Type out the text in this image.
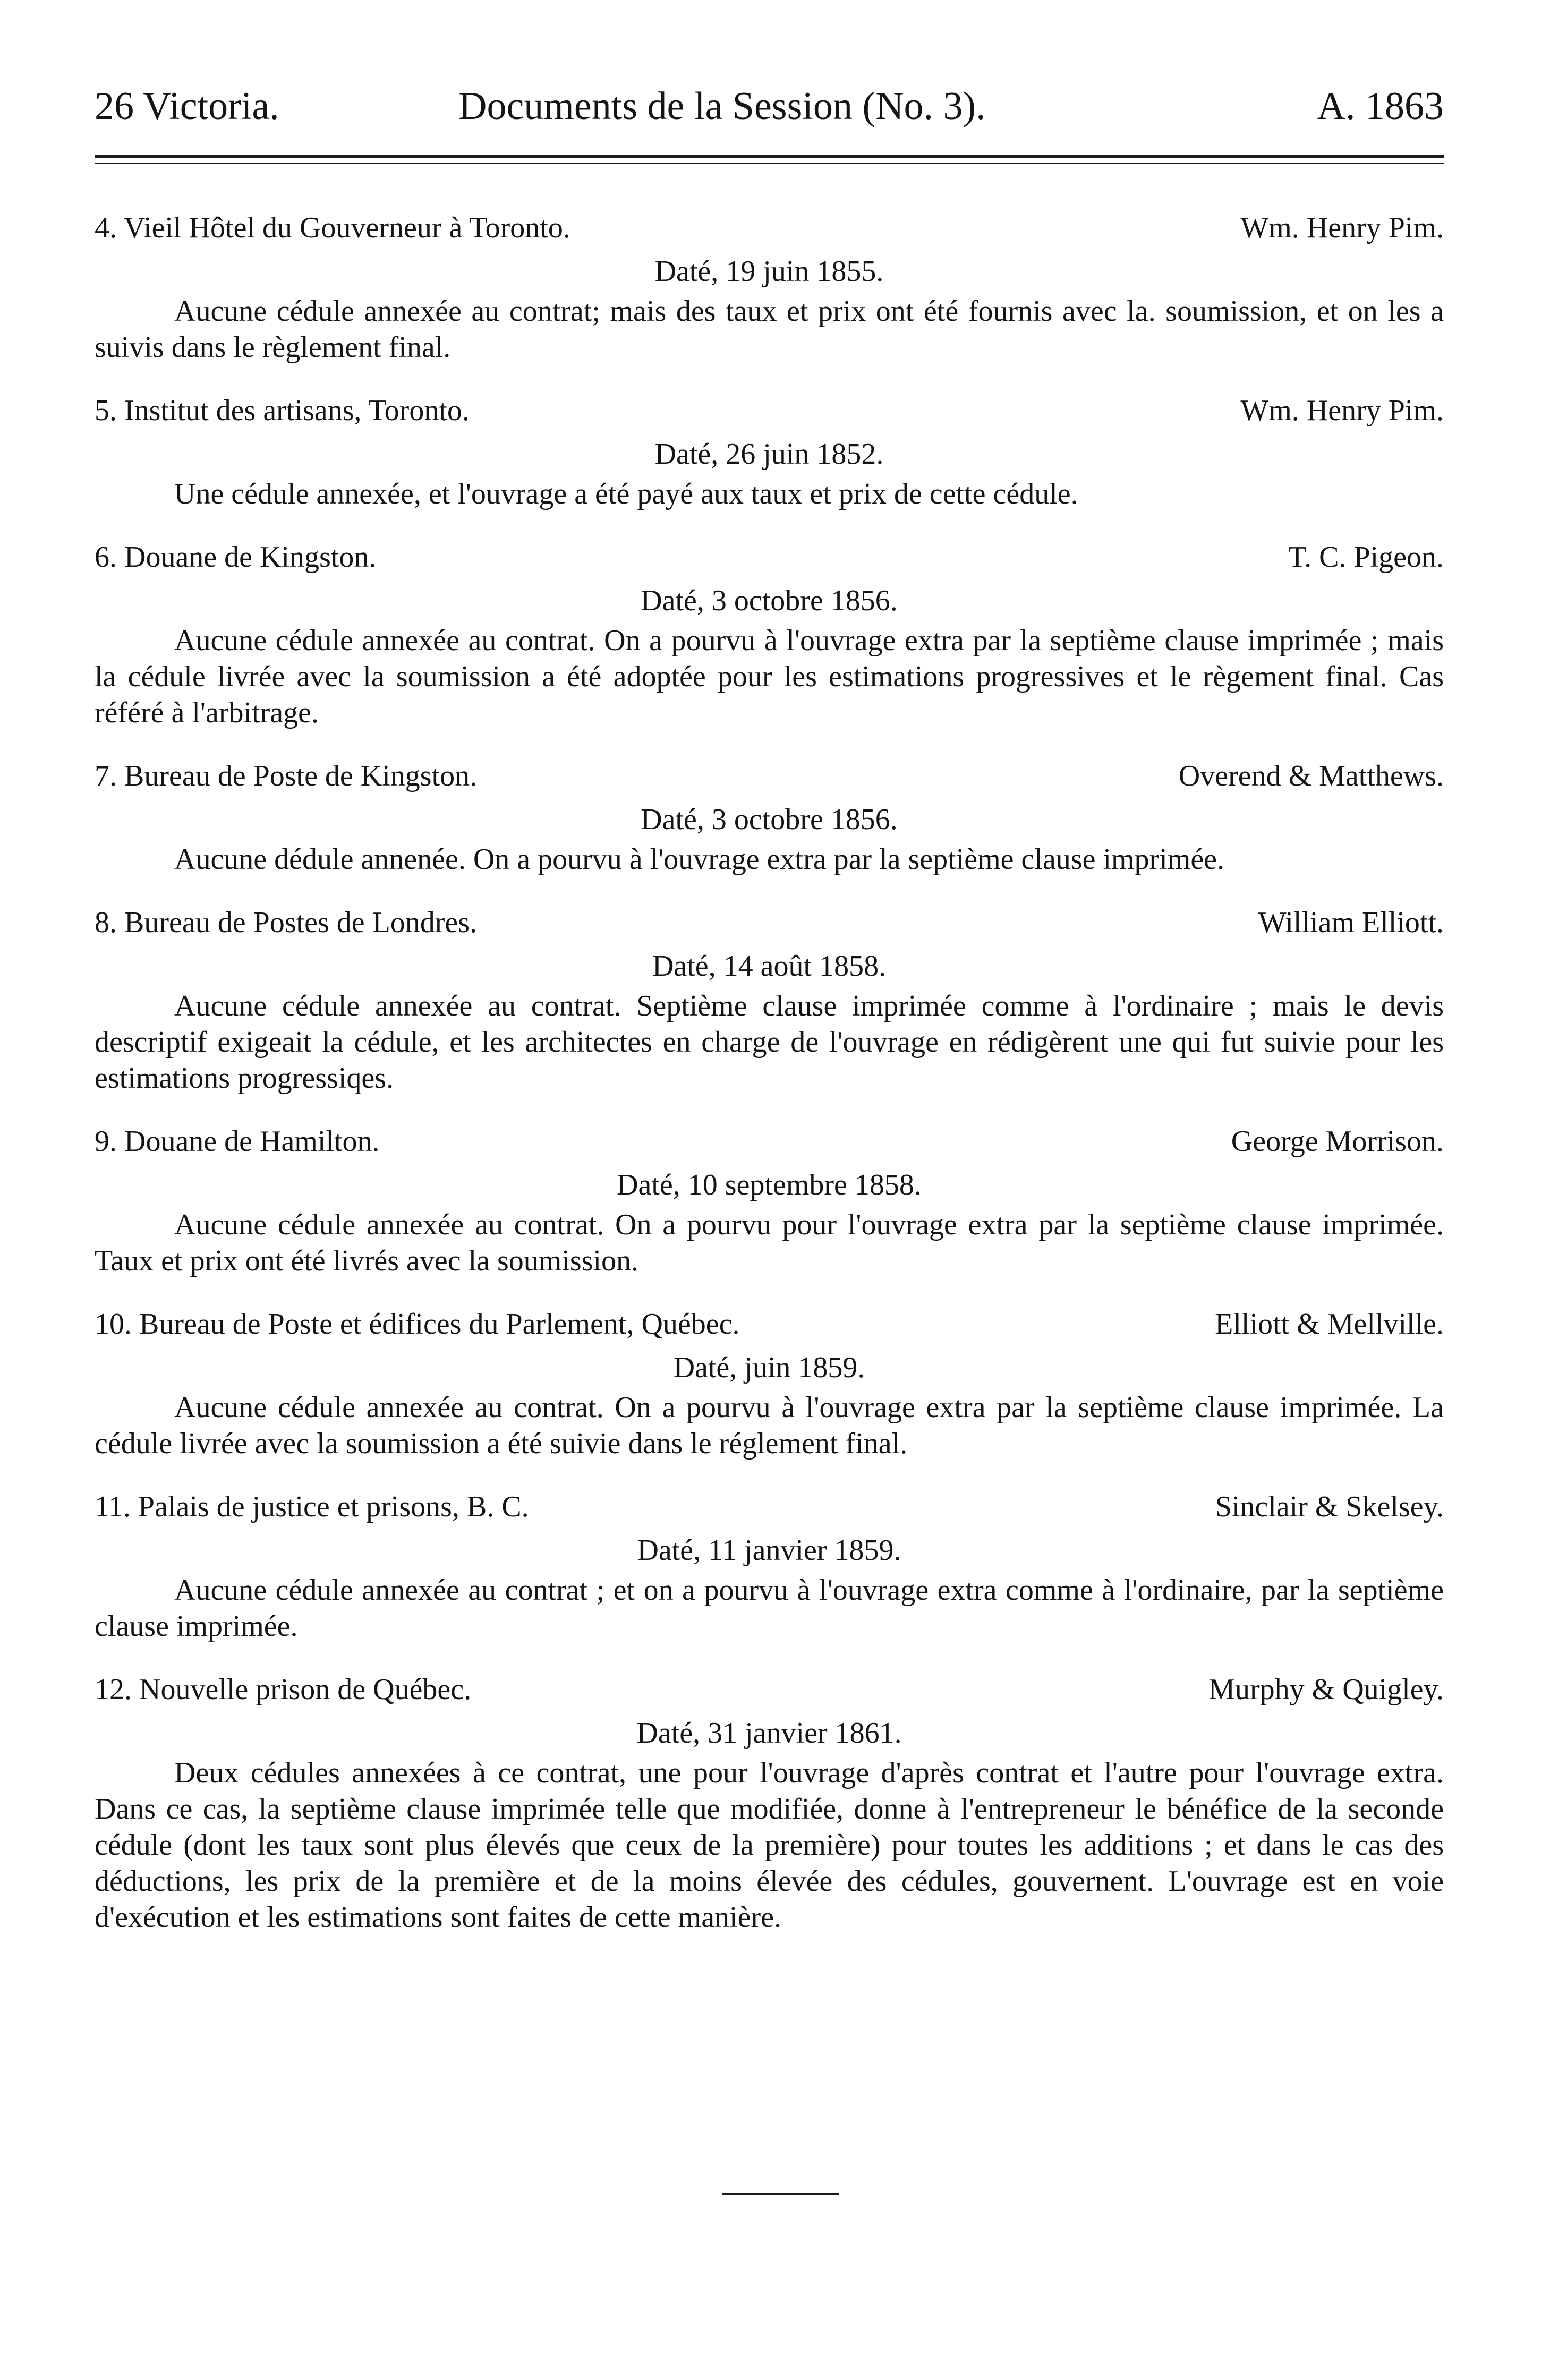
26 Victoria.	Documents de la Session (No. 3).	A. 1863
4. Vieil Hôtel du Gouverneur à Toronto.	Wm. Henry Pim.
Daté, 19 juin 1855.

Aucune cédule annexée au contrat; mais des taux et prix ont été fournis avec la. soumission, et on les a suivis dans le règlement final.

5. Institut des artisans, Toronto.	Wm. Henry Pim.
Daté, 26 juin 1852.

Une cédule annexée, et l'ouvrage a été payé aux taux et prix de cette cédule.

6. Douane de Kingston.	T. C. Pigeon.
Daté, 3 octobre 1856.

Aucune cédule annexée au contrat. On a pourvu à l'ouvrage extra par la septième clause imprimée ; mais la cédule livrée avec la soumission a été adoptée pour les estimations progressives et le règement final. Cas référé à l'arbitrage.

7. Bureau de Poste de Kingston.	Overend & Matthews.
Daté, 3 octobre 1856.

Aucune dédule annenée. On a pourvu à l'ouvrage extra par la septième clause imprimée.

8. Bureau de Postes de Londres.	William Elliott.
Daté, 14 août 1858.

Aucune cédule annexée au contrat. Septième clause imprimée comme à l'ordinaire ; mais le devis descriptif exigeait la cédule, et les architectes en charge de l'ouvrage en rédigèrent une qui fut suivie pour les estimations progressiqes.

9. Douane de Hamilton.	George Morrison.
Daté, 10 septembre 1858.

Aucune cédule annexée au contrat. On a pourvu pour l'ouvrage extra par la septième clause imprimée. Taux et prix ont été livrés avec la soumission.

10. Bureau de Poste et édifices du Parlement, Québec.	Elliott & Mellville.
Daté, juin 1859.

Aucune cédule annexée au contrat. On a pourvu à l'ouvrage extra par la septième clause imprimée. La cédule livrée avec la soumission a été suivie dans le réglement final.

11. Palais de justice et prisons, B. C.	Sinclair & Skelsey.
Daté, 11 janvier 1859.

Aucune cédule annexée au contrat ; et on a pourvu à l'ouvrage extra comme à l'ordinaire, par la septième clause imprimée.

12. Nouvelle prison de Québec.	Murphy & Quigley.
Daté, 31 janvier 1861.

Deux cédules annexées à ce contrat, une pour l'ouvrage d'après contrat et l'autre pour l'ouvrage extra. Dans ce cas, la septième clause imprimée telle que modifiée, donne à l'entrepreneur le bénéfice de la seconde cédule (dont les taux sont plus élevés que ceux de la première) pour toutes les additions ; et dans le cas des déductions, les prix de la première et de la moins élevée des cédules, gouvernent. L'ouvrage est en voie d'exécution et les estimations sont faites de cette manière.
